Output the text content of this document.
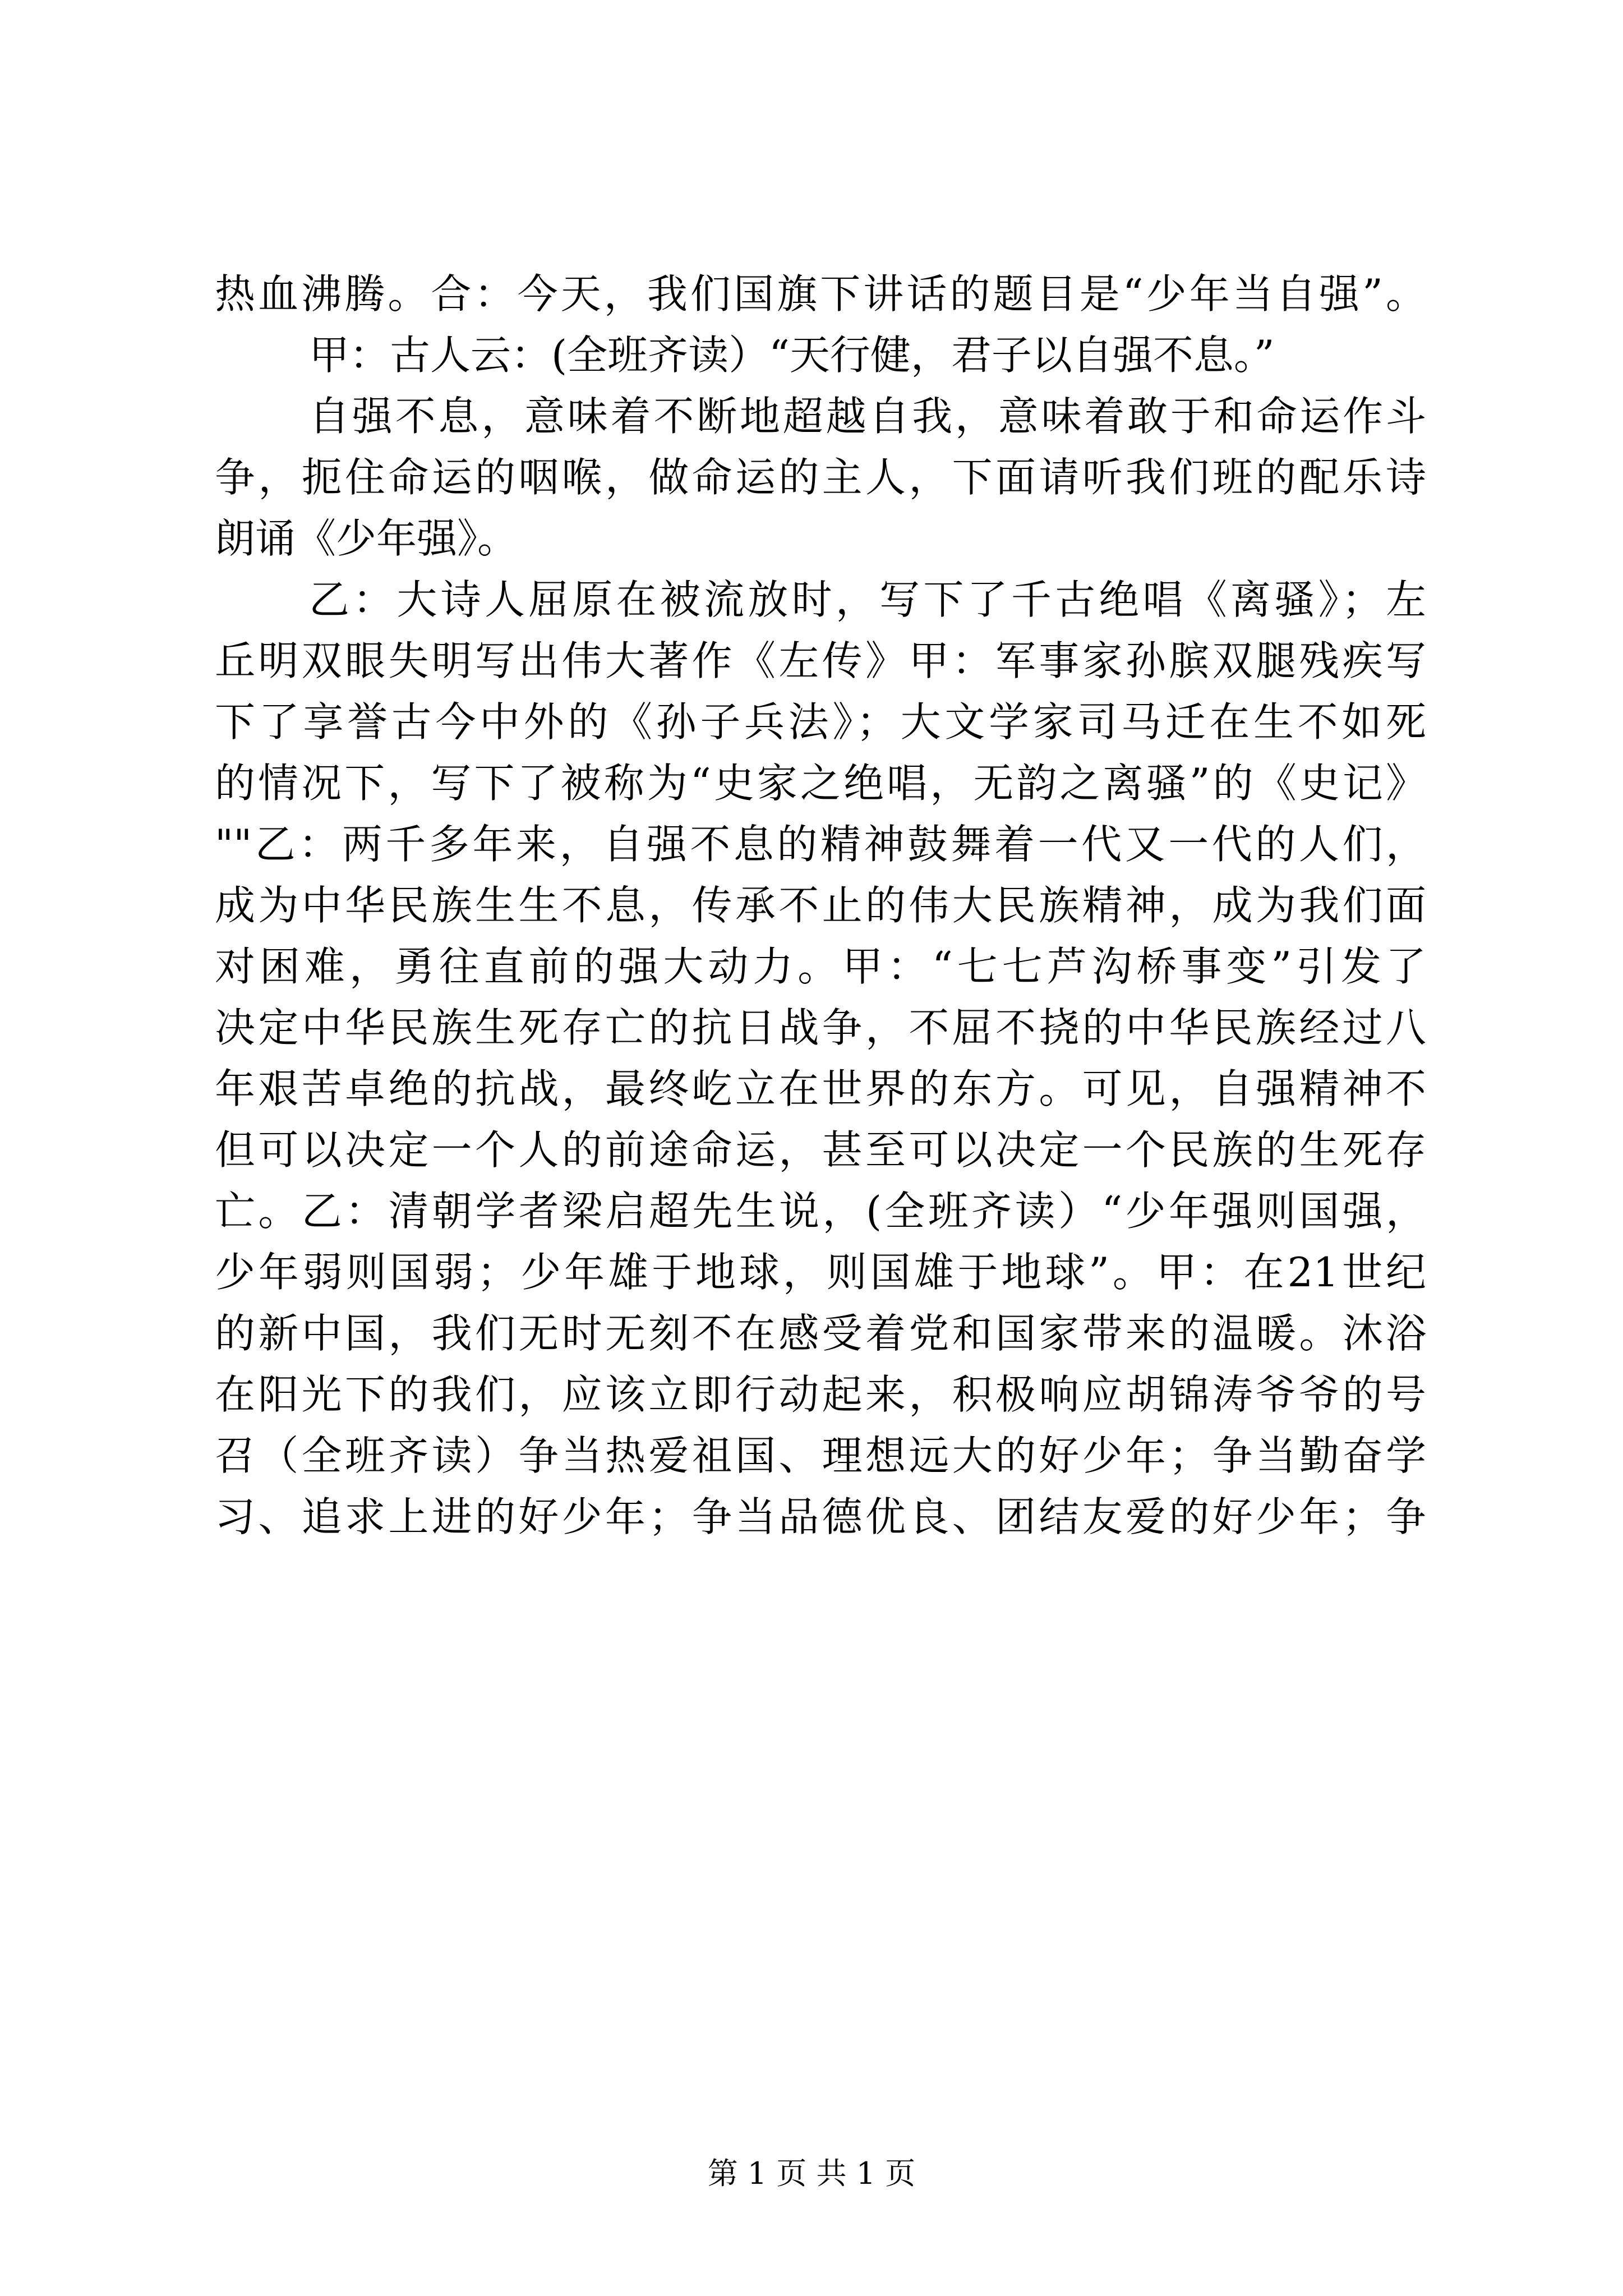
热血沸腾。合：今天，我们国旗下讲话的题目是“少年当自强”。
甲：古人云：(全班齐读）“天行健，君子以自强不息。”
自强不息，意味着不断地超越自我，意味着敢于和命运作斗
争，扼住命运的咽喉，做命运的主人，下面请听我们班的配乐诗
朗诵《少年强》。
乙：大诗人屈原在被流放时，写下了千古绝唱《离骚》；左
丘明双眼失明写出伟大著作《左传》甲：军事家孙膑双腿残疾写
下了享誉古今中外的《孙子兵法》；大文学家司马迁在生不如死
的情况下，写下了被称为“史家之绝唱，无韵之离骚”的《史记》
""乙：两千多年来，自强不息的精神鼓舞着一代又一代的人们，
成为中华民族生生不息，传承不止的伟大民族精神，成为我们面
对困难，勇往直前的强大动力。甲：“七七芦沟桥事变”引发了
决定中华民族生死存亡的抗日战争，不屈不挠的中华民族经过八
年艰苦卓绝的抗战，最终屹立在世界的东方。可见，自强精神不
但可以决定一个人的前途命运，甚至可以决定一个民族的生死存
亡。乙：清朝学者梁启超先生说，(全班齐读）“少年强则国强，
少年弱则国弱；少年雄于地球，则国雄于地球”。甲：在21世纪
的新中国，我们无时无刻不在感受着党和国家带来的温暖。沐浴
在阳光下的我们，应该立即行动起来，积极响应胡锦涛爷爷的号
召（全班齐读）争当热爱祖国、理想远大的好少年；争当勤奋学
习、追求上进的好少年；争当品德优良、团结友爱的好少年；争
第 1 页 共 1 页
